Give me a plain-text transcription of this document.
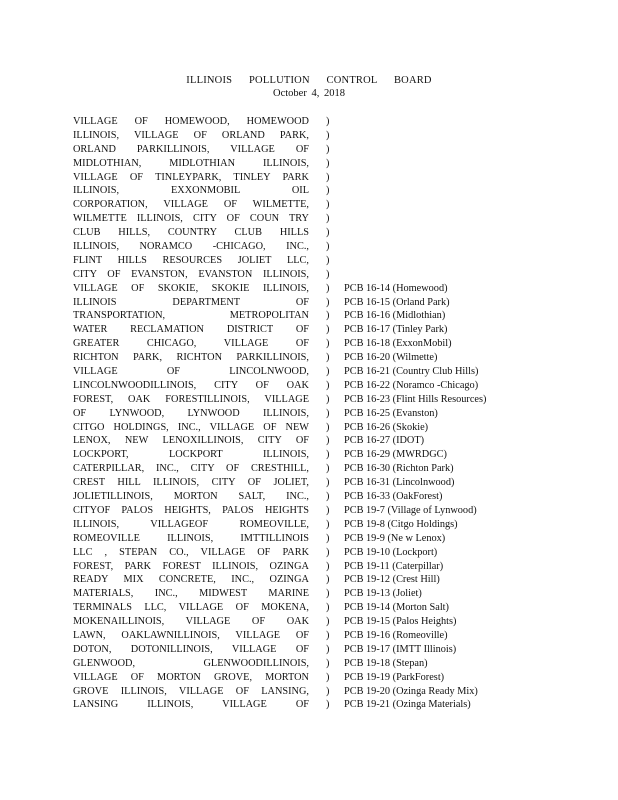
ILLINOIS POLLUTION CONTROL BOARD
October 4, 2018
VILLAGE OF HOMEWOOD, HOMEWOOD )
ILLINOIS, VILLAGE OF ORLAND PARK, )
ORLAND PARKILLINOIS, VILLAGE OF )
MIDLOTHIAN, MIDLOTHIAN ILLINOIS, )
VILLAGE OF TINLEYPARK, TINLEY PARK )
ILLINOIS, EXXONMOBIL OIL )
CORPORATION, VILLAGE OF WILMETTE, )
WILMETTE ILLINOIS, CITY OF COUN TRY )
CLUB HILLS, COUNTRY CLUB HILLS )
ILLINOIS, NORAMCO -CHICAGO, INC., )
FLINT HILLS RESOURCES JOLIET LLC, )
CITY OF EVANSTON, EVANSTON ILLINOIS, )
VILLAGE OF SKOKIE, SKOKIE ILLINOIS, ) PCB 16-14 (Homewood)
ILLINOIS DEPARTMENT OF ) PCB 16-15 (Orland Park)
TRANSPORTATION, METROPOLITAN ) PCB 16-16 (Midlothian)
WATER RECLAMATION DISTRICT OF ) PCB 16-17 (Tinley Park)
GREATER CHICAGO, VILLAGE OF ) PCB 16-18 (ExxonMobil)
RICHTON PARK, RICHTON PARKILLINOIS, ) PCB 16-20 (Wilmette)
VILLAGE OF LINCOLNWOOD, ) PCB 16-21 (Country Club Hills)
LINCOLNWOODILLINOIS, CITY OF OAK ) PCB 16-22 (Noramco -Chicago)
FOREST, OAK FORESTILLINOIS, VILLAGE ) PCB 16-23 (Flint Hills Resources)
OF LYNWOOD, LYNWOOD ILLINOIS, ) PCB 16-25 (Evanston)
CITGO HOLDINGS, INC., VILLAGE OF NEW ) PCB 16-26 (Skokie)
LENOX, NEW LENOXILLINOIS, CITY OF ) PCB 16-27 (IDOT)
LOCKPORT, LOCKPORT ILLINOIS, ) PCB 16-29 (MWRDGC)
CATERPILLAR, INC., CITY OF CRESTHILL, ) PCB 16-30 (Richton Park)
CREST HILL ILLINOIS, CITY OF JOLIET, ) PCB 16-31 (Lincolnwood)
JOLIETILLINOIS, MORTON SALT, INC., ) PCB 16-33 (OakForest)
CITYOF PALOS HEIGHTS, PALOS HEIGHTS ) PCB 19-7 (Village of Lynwood)
ILLINOIS, VILLAGEOF ROMEOVILLE, ) PCB 19-8 (Citgo Holdings)
ROMEOVILLE ILLINOIS, IMTTILLINOIS ) PCB 19-9 (Ne w Lenox)
LLC , STEPAN CO., VILLAGE OF PARK ) PCB 19-10 (Lockport)
FOREST, PARK FOREST ILLINOIS, OZINGA ) PCB 19-11 (Caterpillar)
READY MIX CONCRETE, INC., OZINGA ) PCB 19-12 (Crest Hill)
MATERIALS, INC., MIDWEST MARINE ) PCB 19-13 (Joliet)
TERMINALS LLC, VILLAGE OF MOKENA, ) PCB 19-14 (Morton Salt)
MOKENAILLINOIS, VILLAGE OF OAK ) PCB 19-15 (Palos Heights)
LAWN, OAKLAWNILLINOIS, VILLAGE OF ) PCB 19-16 (Romeoville)
DOTON, DOTONILLINOIS, VILLAGE OF ) PCB 19-17 (IMTT Illinois)
GLENWOOD, GLENWOODILLINOIS, ) PCB 19-18 (Stepan)
VILLAGE OF MORTON GROVE, MORTON ) PCB 19-19 (ParkForest)
GROVE ILLINOIS, VILLAGE OF LANSING, ) PCB 19-20 (Ozinga Ready Mix)
LANSING ILLINOIS, VILLAGE OF ) PCB 19-21 (Ozinga Materials)
